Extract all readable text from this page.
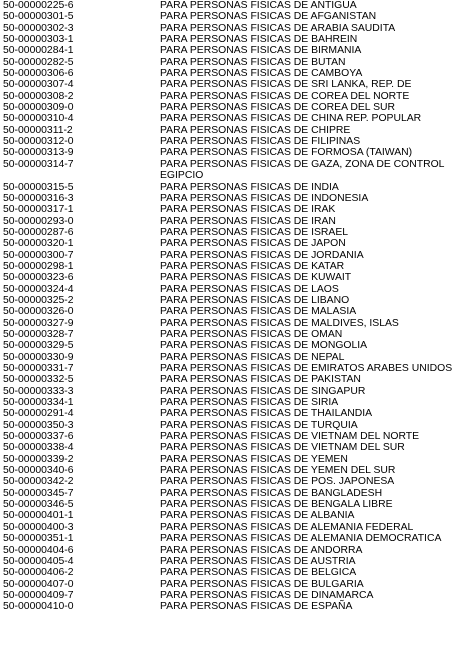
50-00000225-6	PARA PERSONAS FISICAS DE ANTIGUA
50-00000301-5	PARA PERSONAS FISICAS DE AFGANISTAN
50-00000302-3	PARA PERSONAS FISICAS DE ARABIA SAUDITA
50-00000303-1	PARA PERSONAS FISICAS DE BAHREIN
50-00000284-1	PARA PERSONAS FISICAS DE BIRMANIA
50-00000282-5	PARA PERSONAS FISICAS DE BUTAN
50-00000306-6	PARA PERSONAS FISICAS DE CAMBOYA
50-00000307-4	PARA PERSONAS FISICAS DE SRI LANKA, REP. DE
50-00000308-2	PARA PERSONAS FISICAS DE COREA DEL NORTE
50-00000309-0	PARA PERSONAS FISICAS DE COREA DEL SUR
50-00000310-4	PARA PERSONAS FISICAS DE CHINA REP. POPULAR
50-00000311-2	PARA PERSONAS FISICAS DE CHIPRE
50-00000312-0	PARA PERSONAS FISICAS DE FILIPINAS
50-00000313-9	PARA PERSONAS FISICAS DE FORMOSA (TAIWAN)
50-00000314-7	PARA PERSONAS FISICAS DE GAZA, ZONA DE CONTROL EGIPCIO
50-00000315-5	PARA PERSONAS FISICAS DE INDIA
50-00000316-3	PARA PERSONAS FISICAS DE INDONESIA
50-00000317-1	PARA PERSONAS FISICAS DE IRAK
50-00000293-0	PARA PERSONAS FISICAS DE IRAN
50-00000287-6	PARA PERSONAS FISICAS DE ISRAEL
50-00000320-1	PARA PERSONAS FISICAS DE JAPON
50-00000300-7	PARA PERSONAS FISICAS DE JORDANIA
50-00000298-1	PARA PERSONAS FISICAS DE KATAR
50-00000323-6	PARA PERSONAS FISICAS DE KUWAIT
50-00000324-4	PARA PERSONAS FISICAS DE LAOS
50-00000325-2	PARA PERSONAS FISICAS DE LIBANO
50-00000326-0	PARA PERSONAS FISICAS DE MALASIA
50-00000327-9	PARA PERSONAS FISICAS DE MALDIVES, ISLAS
50-00000328-7	PARA PERSONAS FISICAS DE OMAN
50-00000329-5	PARA PERSONAS FISICAS DE MONGOLIA
50-00000330-9	PARA PERSONAS FISICAS DE NEPAL
50-00000331-7	PARA PERSONAS FISICAS DE EMIRATOS ARABES UNIDOS
50-00000332-5	PARA PERSONAS FISICAS DE PAKISTAN
50-00000333-3	PARA PERSONAS FISICAS DE SINGAPUR
50-00000334-1	PARA PERSONAS FISICAS DE SIRIA
50-00000291-4	PARA PERSONAS FISICAS DE THAILANDIA
50-00000350-3	PARA PERSONAS FISICAS DE TURQUIA
50-00000337-6	PARA PERSONAS FISICAS DE VIETNAM DEL NORTE
50-00000338-4	PARA PERSONAS FISICAS DE VIETNAM DEL SUR
50-00000339-2	PARA PERSONAS FISICAS DE YEMEN
50-00000340-6	PARA PERSONAS FISICAS DE YEMEN DEL SUR
50-00000342-2	PARA PERSONAS FISICAS DE POS. JAPONESA
50-00000345-7	PARA PERSONAS FISICAS DE BANGLADESH
50-00000346-5	PARA PERSONAS FISICAS DE BENGALA LIBRE
50-00000401-1	PARA PERSONAS FISICAS DE ALBANIA
50-00000400-3	PARA PERSONAS FISICAS DE ALEMANIA FEDERAL
50-00000351-1	PARA PERSONAS FISICAS DE ALEMANIA DEMOCRATICA
50-00000404-6	PARA PERSONAS FISICAS DE ANDORRA
50-00000405-4	PARA PERSONAS FISICAS DE AUSTRIA
50-00000406-2	PARA PERSONAS FISICAS DE BELGICA
50-00000407-0	PARA PERSONAS FISICAS DE BULGARIA
50-00000409-7	PARA PERSONAS FISICAS DE DINAMARCA
50-00000410-0	PARA PERSONAS FISICAS DE ESPAÑA
